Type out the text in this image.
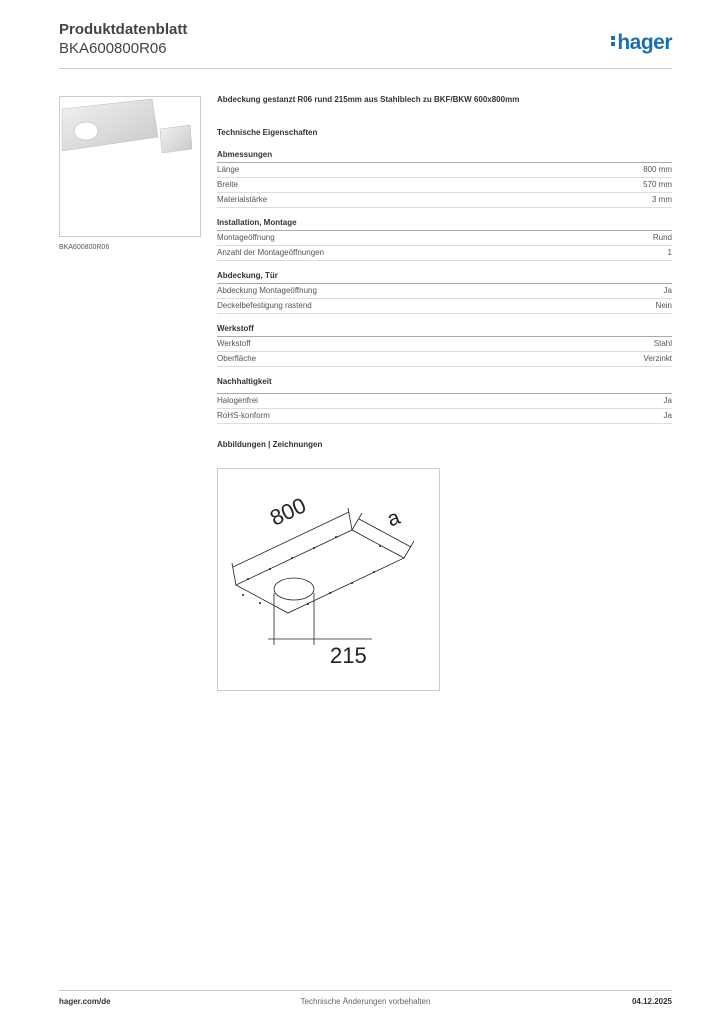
Produktdatenblatt
BKA600800R06	hager
BKA600800R06

Abdeckung gestanzt R06 rund 215mm aus Stahlblech zu BKF/BKW 600x800mm

Technische Eigenschaften

Abmessungen
Länge	800 mm
Breite	570 mm
Materialstärke	3 mm
Installation, Montage
Montageöffnung	Rund
Anzahl der Montageöffnungen	1
Abdeckung, Tür
Abdeckung Montageöffnung	Ja
Deckelbefestigung rastend	Nein
Werkstoff
Werkstoff	Stahl
Oberfläche	Verzinkt
Nachhaltigkeit
Halogenfrei	Ja
RoHS-konform	Ja

Abbildungen | Zeichnungen

800	a
215
hager.com/de	Technische Änderungen vorbehalten	04.12.2025
